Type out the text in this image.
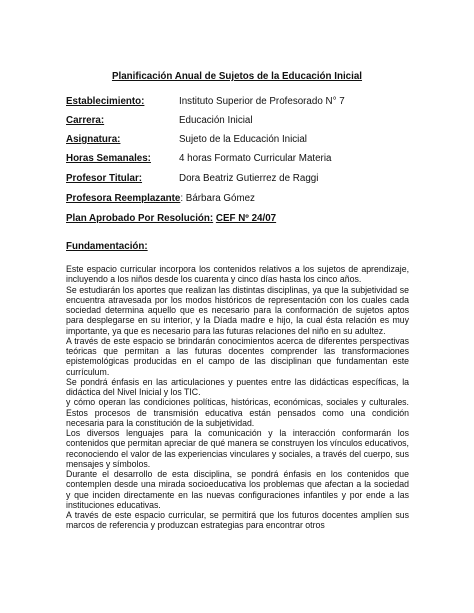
Planificación Anual de Sujetos de la Educación Inicial
Establecimiento:	Instituto Superior de Profesorado N° 7
Carrera:	Educación Inicial
Asignatura:	Sujeto de la Educación Inicial
Horas Semanales:	4 horas Formato Curricular Materia
Profesor Titular:	Dora Beatriz Gutierrez de Raggi
Profesora Reemplazante: Bárbara Gómez
Plan Aprobado Por Resolución: CEF Nº 24/07
Fundamentación:

Este espacio curricular incorpora los contenidos relativos a los sujetos de aprendizaje, incluyendo a los niños desde los cuarenta y cinco días hasta los cinco años.

Se estudiarán los aportes que realizan las distintas disciplinas, ya que la subjetividad se encuentra atravesada por los modos históricos de representación con los cuales cada sociedad determina aquello que es necesario para la conformación de sujetos aptos para desplegarse en su interior, y la Díada madre e hijo, la cual ésta relación es muy importante, ya que es necesario para las futuras relaciones del niño en su adultez.

A través de este espacio se brindarán conocimientos acerca de diferentes perspectivas teóricas que permitan a las futuras docentes comprender las transformaciones epistemológicas producidas en el campo de las disciplinan que fundamentan este currículum.

Se pondrá énfasis en las articulaciones y puentes entre las didácticas específicas, la didáctica del Nivel Inicial y los TIC.

y cómo operan las condiciones políticas, históricas, económicas, sociales y culturales. Estos procesos de transmisión educativa están pensados como una condición necesaria para la constitución de la subjetividad.

Los diversos lenguajes para la comunicación y la interacción conformarán los contenidos que permitan apreciar de qué manera se construyen los vínculos educativos, reconociendo el valor de las experiencias vinculares y sociales, a través del cuerpo, sus mensajes y símbolos.

Durante el desarrollo de esta disciplina, se pondrá énfasis en los contenidos que contemplen desde una mirada socioeducativa los problemas que afectan a la sociedad y que inciden directamente en las nuevas configuraciones infantiles y por ende a las instituciones educativas.

A través de este espacio curricular, se permitirá que los futuros docentes amplíen sus marcos de referencia y produzcan estrategias para encontrar otros
